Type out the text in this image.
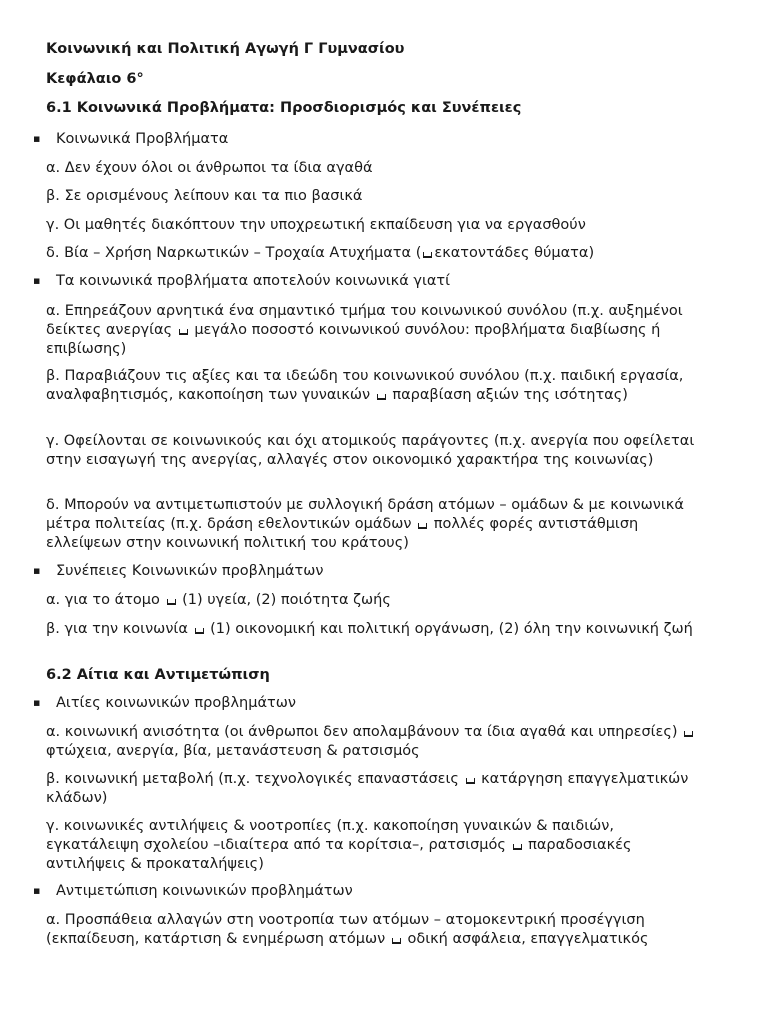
Κοινωνική και Πολιτική Αγωγή Γ Γυμνασίου
Κεφάλαιο 6°
6.1 Κοινωνικά Προβλήματα: Προσδιορισμός και Συνέπειες
▪ Κοινωνικά Προβλήματα
α. Δεν έχουν όλοι οι άνθρωποι τα ίδια αγαθά
β. Σε ορισμένους λείπουν και τα πιο βασικά
γ. Οι μαθητές διακόπτουν την υποχρεωτική εκπαίδευση για να εργασθούν
δ. Βία – Χρήση Ναρκωτικών – Τροχαία Ατυχήματα ( εκατοντάδες θύματα)
▪ Τα κοινωνικά προβλήματα αποτελούν κοινωνικά γιατί
α. Επηρεάζουν αρνητικά ένα σημαντικό τμήμα του κοινωνικού συνόλου (π.χ. αυξημένοι δείκτες ανεργίας μεγάλο ποσοστό κοινωνικού συνόλου: προβλήματα διαβίωσης ή επιβίωσης)
β. Παραβιάζουν τις αξίες και τα ιδεώδη του κοινωνικού συνόλου (π.χ. παιδική εργασία, αναλφαβητισμός, κακοποίηση των γυναικών παραβίαση αξιών της ισότητας)
γ. Οφείλονται σε κοινωνικούς και όχι ατομικούς παράγοντες (π.χ. ανεργία που οφείλεται στην εισαγωγή της ανεργίας, αλλαγές στον οικονομικό χαρακτήρα της κοινωνίας)
δ. Μπορούν να αντιμετωπιστούν με συλλογική δράση ατόμων – ομάδων & με κοινωνικά μέτρα πολιτείας (π.χ. δράση εθελοντικών ομάδων πολλές φορές αντιστάθμιση ελλείψεων στην κοινωνική πολιτική του κράτους)
▪ Συνέπειες Κοινωνικών προβλημάτων
α. για το άτομο (1) υγεία, (2) ποιότητα ζωής
β. για την κοινωνία (1) οικονομική και πολιτική οργάνωση, (2) όλη την κοινωνική ζωή
6.2 Αίτια και Αντιμετώπιση
▪ Αιτίες κοινωνικών προβλημάτων
α. κοινωνική ανισότητα (οι άνθρωποι δεν απολαμβάνουν τα ίδια αγαθά και υπηρεσίες)  φτώχεια, ανεργία, βία, μετανάστευση & ρατσισμός
β. κοινωνική μεταβολή (π.χ. τεχνολογικές επαναστάσεις κατάργηση επαγγελματικών κλάδων)
γ. κοινωνικές αντιλήψεις & νοοτροπίες (π.χ. κακοποίηση γυναικών & παιδιών, εγκατάλειψη σχολείου –ιδιαίτερα από τα κορίτσια–, ρατσισμός παραδοσιακές αντιλήψεις & προκαταλήψεις)
▪ Αντιμετώπιση κοινωνικών προβλημάτων
α. Προσπάθεια αλλαγών στη νοοτροπία των ατόμων – ατομοκεντρική προσέγγιση (εκπαίδευση, κατάρτιση & ενημέρωση ατόμων οδική ασφάλεια, επαγγελματικός
